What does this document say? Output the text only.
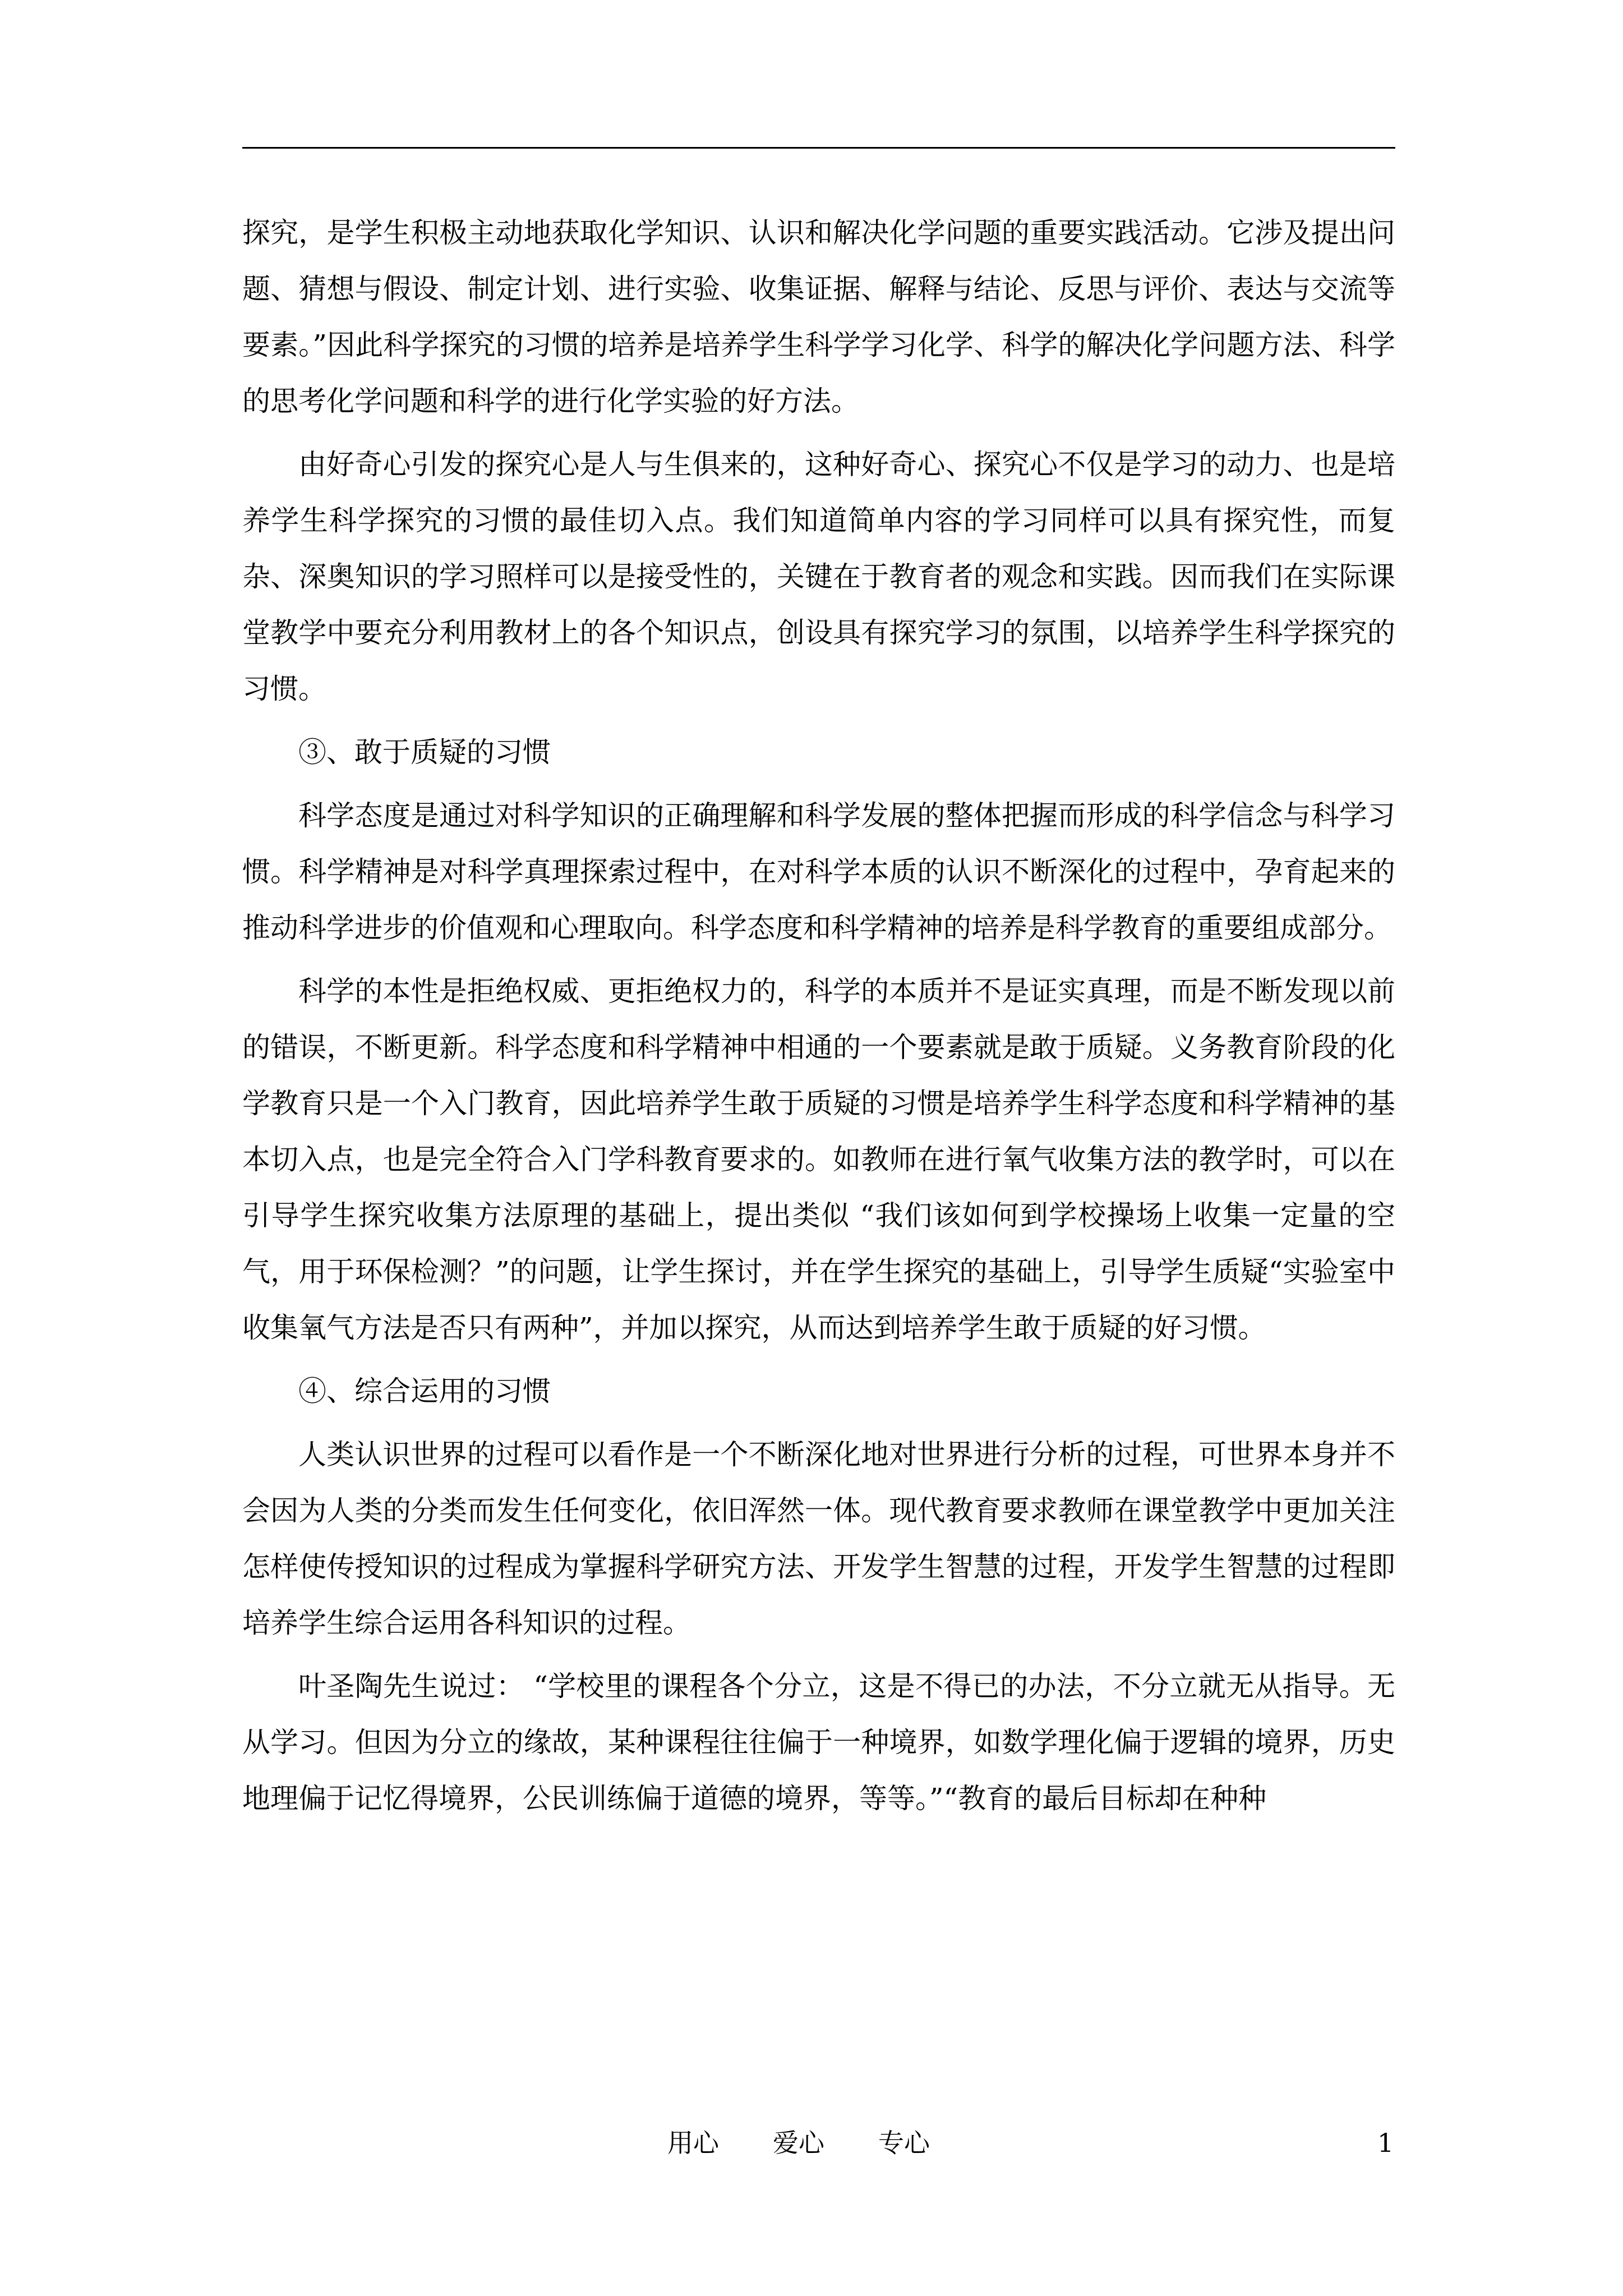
探究，是学生积极主动地获取化学知识、认识和解决化学问题的重要实践活动。它涉及提出问题、猜想与假设、制定计划、进行实验、收集证据、解释与结论、反思与评价、表达与交流等要素。”因此科学探究的习惯的培养是培养学生科学学习化学、科学的解决化学问题方法、科学的思考化学问题和科学的进行化学实验的好方法。

由好奇心引发的探究心是人与生俱来的，这种好奇心、探究心不仅是学习的动力、也是培养学生科学探究的习惯的最佳切入点。我们知道简单内容的学习同样可以具有探究性，而复杂、深奥知识的学习照样可以是接受性的，关键在于教育者的观念和实践。因而我们在实际课堂教学中要充分利用教材上的各个知识点，创设具有探究学习的氛围，以培养学生科学探究的习惯。

③、敢于质疑的习惯

科学态度是通过对科学知识的正确理解和科学发展的整体把握而形成的科学信念与科学习惯。科学精神是对科学真理探索过程中，在对科学本质的认识不断深化的过程中，孕育起来的推动科学进步的价值观和心理取向。科学态度和科学精神的培养是科学教育的重要组成部分。

科学的本性是拒绝权威、更拒绝权力的，科学的本质并不是证实真理，而是不断发现以前的错误，不断更新。科学态度和科学精神中相通的一个要素就是敢于质疑。义务教育阶段的化学教育只是一个入门教育，因此培养学生敢于质疑的习惯是培养学生科学态度和科学精神的基本切入点，也是完全符合入门学科教育要求的。如教师在进行氧气收集方法的教学时，可以在引导学生探究收集方法原理的基础上，提出类似 “我们该如何到学校操场上收集一定量的空气，用于环保检测？”的问题，让学生探讨，并在学生探究的基础上，引导学生质疑“实验室中收集氧气方法是否只有两种”，并加以探究，从而达到培养学生敢于质疑的好习惯。

④、综合运用的习惯

人类认识世界的过程可以看作是一个不断深化地对世界进行分析的过程，可世界本身并不会因为人类的分类而发生任何变化，依旧浑然一体。现代教育要求教师在课堂教学中更加关注怎样使传授知识的过程成为掌握科学研究方法、开发学生智慧的过程，开发学生智慧的过程即培养学生综合运用各科知识的过程。

叶圣陶先生说过： “学校里的课程各个分立，这是不得已的办法，不分立就无从指导。无从学习。但因为分立的缘故，某种课程往往偏于一种境界，如数学理化偏于逻辑的境界，历史地理偏于记忆得境界，公民训练偏于道德的境界，等等。”“教育的最后目标却在种种

用心 爱心 专心	1
